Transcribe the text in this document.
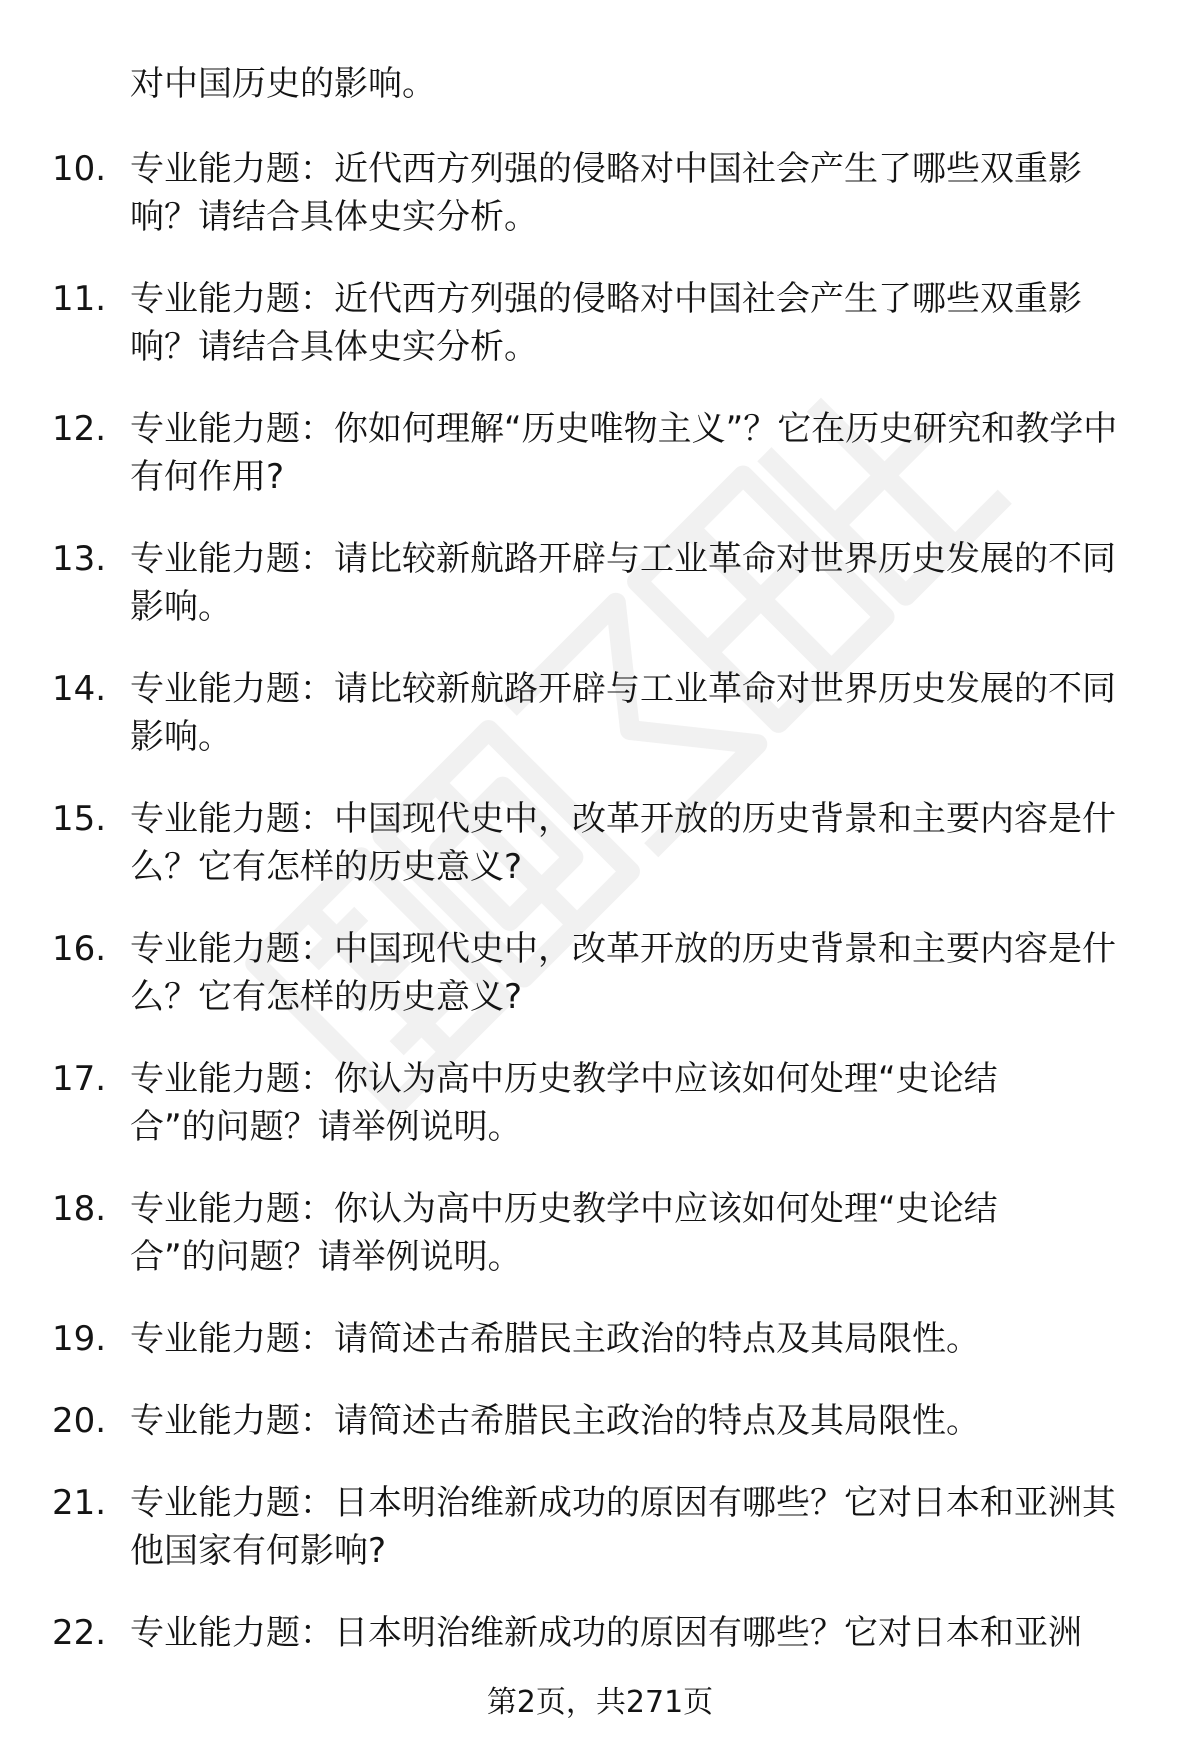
对中国历史的影响。

10. 专业能力题：近代西方列强的侵略对中国社会产生了哪些双重影响？请结合具体史实分析。

11. 专业能力题：近代西方列强的侵略对中国社会产生了哪些双重影响？请结合具体史实分析。

12. 专业能力题：你如何理解“历史唯物主义”？它在历史研究和教学中有何作用?

13. 专业能力题：请比较新航路开辟与工业革命对世界历史发展的不同影响。

14. 专业能力题：请比较新航路开辟与工业革命对世界历史发展的不同影响。

15. 专业能力题：中国现代史中，改革开放的历史背景和主要内容是什么？它有怎样的历史意义?

16. 专业能力题：中国现代史中，改革开放的历史背景和主要内容是什么？它有怎样的历史意义?

17. 专业能力题：你认为高中历史教学中应该如何处理“史论结合”的问题？请举例说明。

18. 专业能力题：你认为高中历史教学中应该如何处理“史论结合”的问题？请举例说明。

19. 专业能力题：请简述古希腊民主政治的特点及其局限性。

20. 专业能力题：请简述古希腊民主政治的特点及其局限性。

21. 专业能力题：日本明治维新成功的原因有哪些？它对日本和亚洲其他国家有何影响?

22. 专业能力题：日本明治维新成功的原因有哪些？它对日本和亚洲

第2页，共271页
